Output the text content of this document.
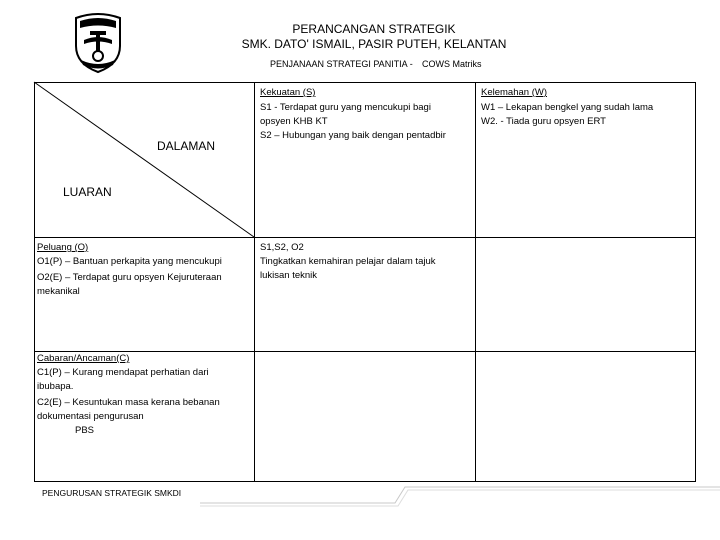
PERANCANGAN STRATEGIK
SMK. DATO' ISMAIL, PASIR PUTEH, KELANTAN
PENJANAAN STRATEGI PANITIA - COWS Matriks
DALAMAN
LUARAN
Kekuatan (S)
S1 - Terdapat guru yang mencukupi bagi
opsyen KHB KT
S2 – Hubungan yang baik dengan pentadbir
Kelemahan (W)
W1 – Lekapan bengkel yang sudah lama
W2. - Tiada guru opsyen ERT
Peluang (O)
O1(P) – Bantuan perkapita yang mencukupi
O2(E) – Terdapat guru opsyen Kejuruteraan
mekanikal
S1,S2, O2
Tingkatkan kemahiran pelajar dalam tajuk
lukisan teknik
Cabaran/Ancaman(C)
C1(P) – Kurang mendapat perhatian dari
ibubapa.
C2(E) – Kesuntukan masa kerana bebanan
dokumentasi pengurusan
PBS
PENGURUSAN STRATEGIK SMKDI
